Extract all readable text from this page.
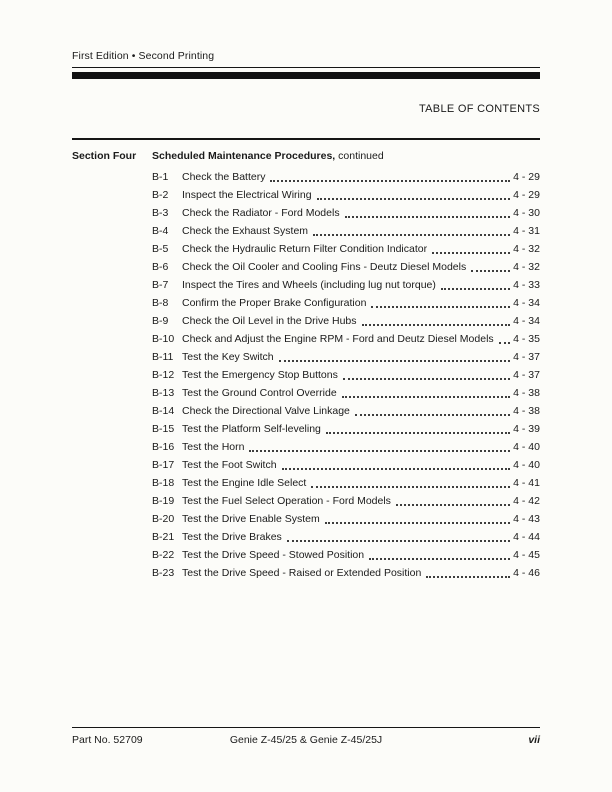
First Edition • Second Printing
TABLE OF CONTENTS
Section Four	Scheduled Maintenance Procedures, continued
B-1	Check the Battery	4 - 29
B-2	Inspect the Electrical Wiring	4 - 29
B-3	Check the Radiator - Ford Models	4 - 30
B-4	Check the Exhaust System	4 - 31
B-5	Check the Hydraulic Return Filter Condition Indicator	4 - 32
B-6	Check the Oil Cooler and Cooling Fins - Deutz Diesel Models	4 - 32
B-7	Inspect the Tires and Wheels (including lug nut torque)	4 - 33
B-8	Confirm the Proper Brake Configuration	4 - 34
B-9	Check the Oil Level in the Drive Hubs	4 - 34
B-10 Check and Adjust the Engine RPM - Ford and Deutz Diesel Models 4 - 35
B-11 Test the Key Switch	4 - 37
B-12 Test the Emergency Stop Buttons	4 - 37
B-13 Test the Ground Control Override	4 - 38
B-14 Check the Directional Valve Linkage	4 - 38
B-15 Test the Platform Self-leveling	4 - 39
B-16 Test the Horn	4 - 40
B-17 Test the Foot Switch	4 - 40
B-18 Test the Engine Idle Select	4 - 41
B-19 Test the Fuel Select Operation - Ford Models	4 - 42
B-20 Test the Drive Enable System	4 - 43
B-21 Test the Drive Brakes	4 - 44
B-22 Test the Drive Speed - Stowed Position	4 - 45
B-23 Test the Drive Speed - Raised or Extended Position	4 - 46
Part No. 52709	Genie Z-45/25 & Genie Z-45/25J	vii
